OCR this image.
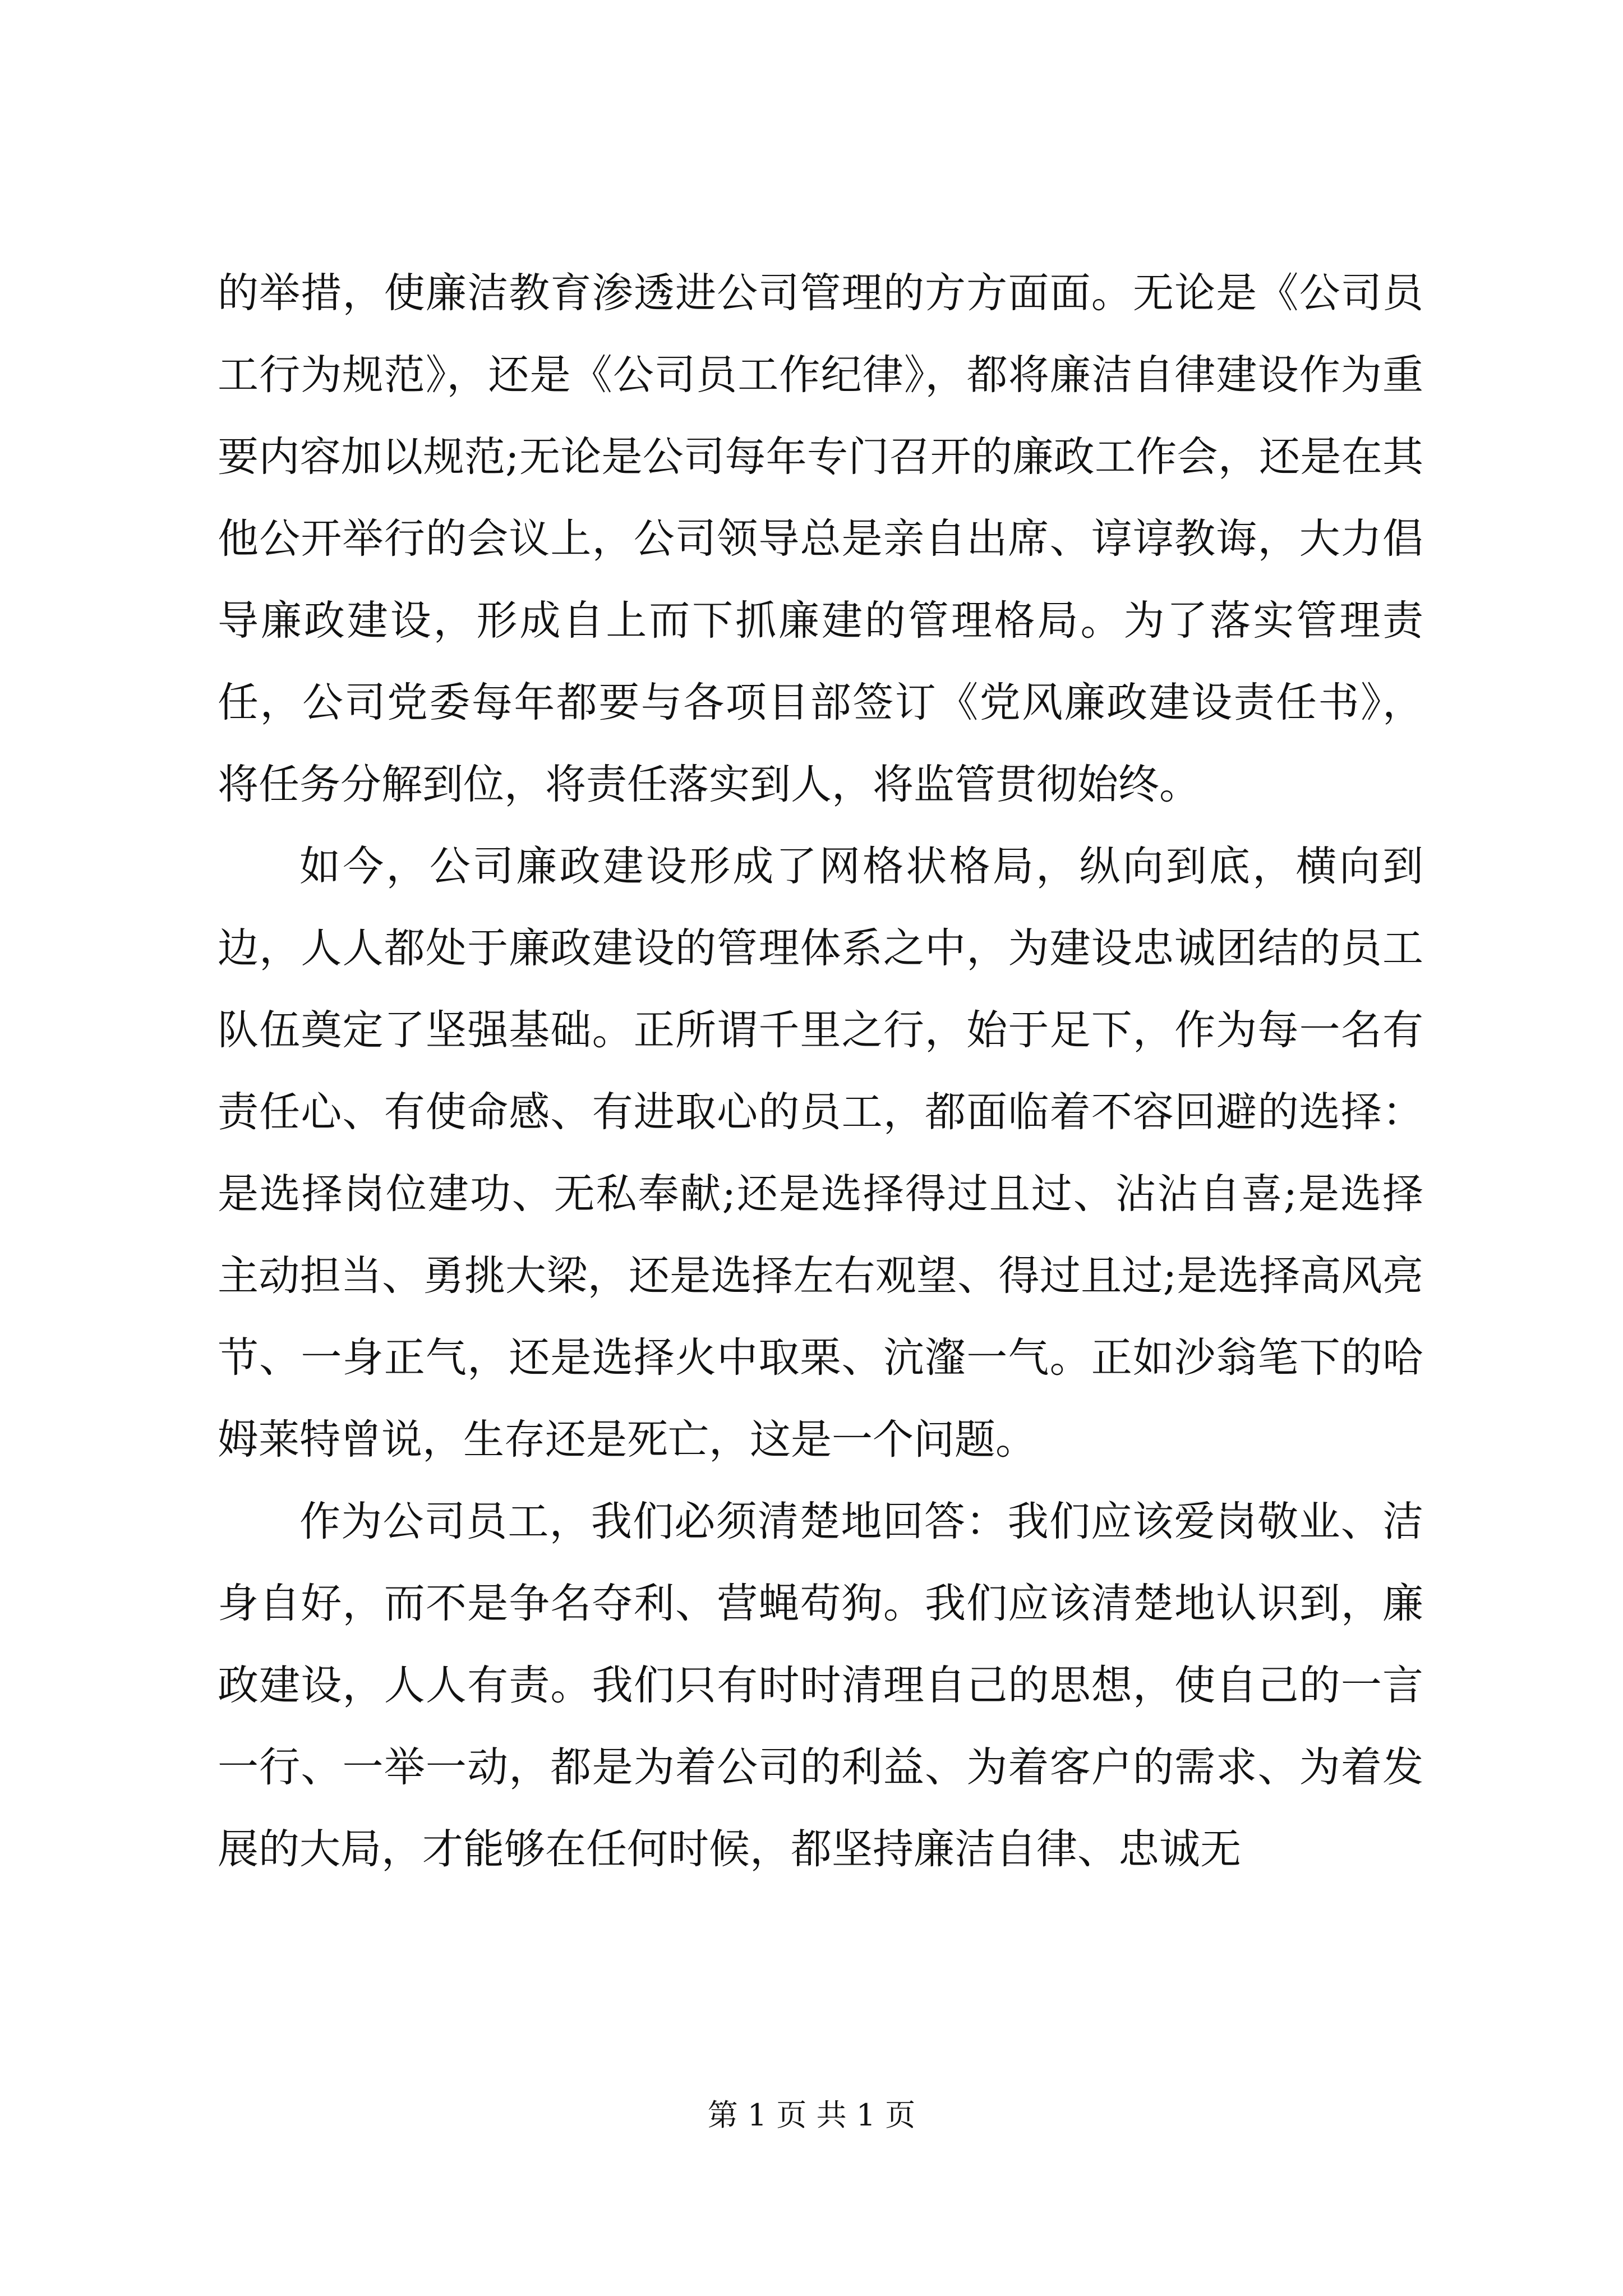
的举措，使廉洁教育渗透进公司管理的方方面面。无论是《公司员工行为规范》，还是《公司员工作纪律》，都将廉洁自律建设作为重要内容加以规范;无论是公司每年专门召开的廉政工作会，还是在其他公开举行的会议上，公司领导总是亲自出席、谆谆教诲，大力倡导廉政建设，形成自上而下抓廉建的管理格局。为了落实管理责任，公司党委每年都要与各项目部签订《党风廉政建设责任书》，将任务分解到位，将责任落实到人，将监管贯彻始终。

如今，公司廉政建设形成了网格状格局，纵向到底，横向到边，人人都处于廉政建设的管理体系之中，为建设忠诚团结的员工队伍奠定了坚强基础。正所谓千里之行，始于足下，作为每一名有责任心、有使命感、有进取心的员工，都面临着不容回避的选择：是选择岗位建功、无私奉献;还是选择得过且过、沾沾自喜;是选择主动担当、勇挑大梁，还是选择左右观望、得过且过;是选择高风亮节、一身正气，还是选择火中取栗、沆瀣一气。正如沙翁笔下的哈姆莱特曾说，生存还是死亡，这是一个问题。

作为公司员工，我们必须清楚地回答：我们应该爱岗敬业、洁身自好，而不是争名夺利、营蝇苟狗。我们应该清楚地认识到，廉政建设，人人有责。我们只有时时清理自己的思想，使自己的一言一行、一举一动，都是为着公司的利益、为着客户的需求、为着发展的大局，才能够在任何时候，都坚持廉洁自律、忠诚无

第 1 页 共 1 页
